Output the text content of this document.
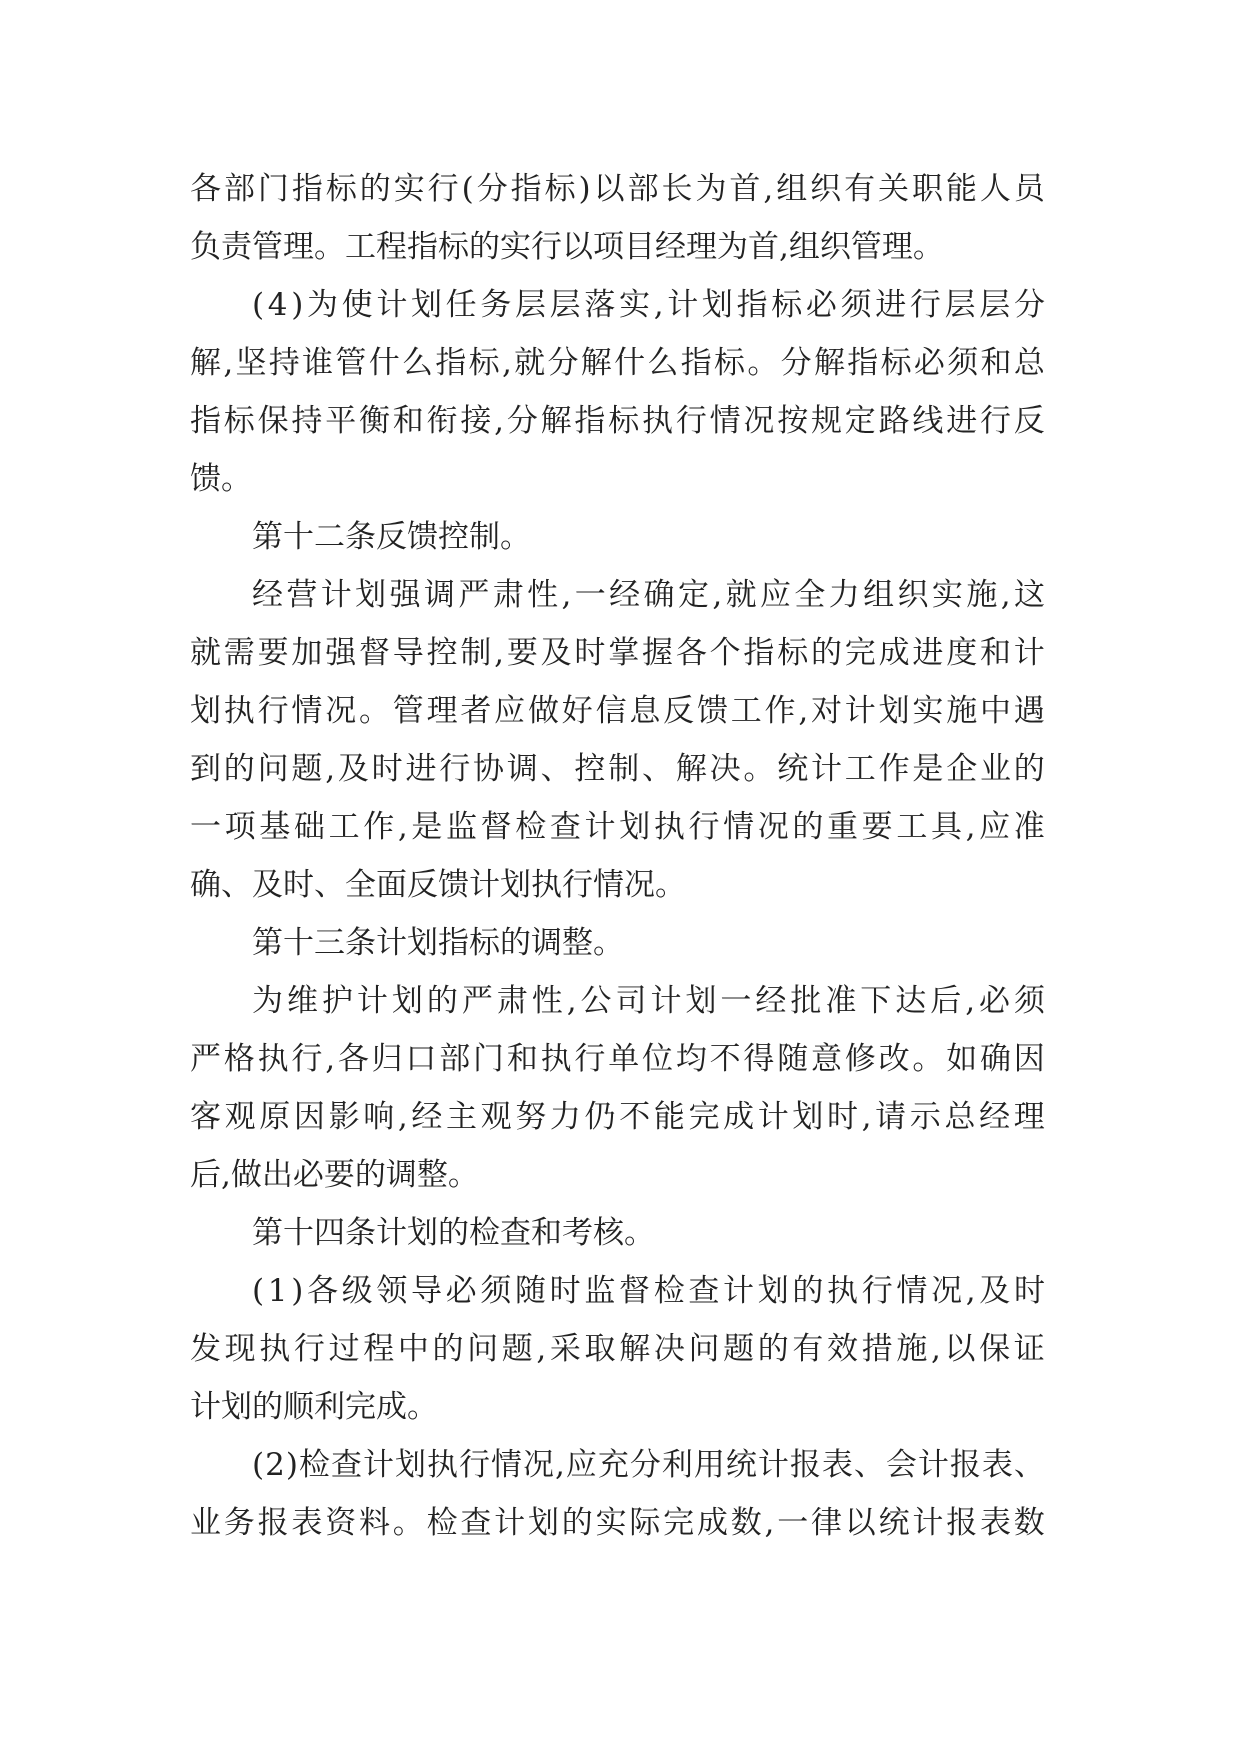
各 部 门 指 标 的 实 行 ( 分 指 标 ) 以 部 长 为 首 , 组 织 有 关 职 能 人 员
负责管理。工程指标的实行以项目经理为首,组织管理。
( 4 ) 为 使 计 划 任 务 层 层 落 实 , 计 划 指 标 必 须 进 行 层 层 分
解 , 坚 持 谁 管 什 么 指 标 , 就 分 解 什 么 指 标 。 分 解 指 标 必 须 和 总
指 标 保 持 平 衡 和 衔 接 , 分 解 指 标 执 行 情 况 按 规 定 路 线 进 行 反
馈。
第十二条反馈控制。
经 营 计 划 强 调 严 肃 性 , 一 经 确 定 , 就 应 全 力 组 织 实 施 , 这
就 需 要 加 强 督 导 控 制 , 要 及 时 掌 握 各 个 指 标 的 完 成 进 度 和 计
划 执 行 情 况 。 管 理 者 应 做 好 信 息 反 馈 工 作 , 对 计 划 实 施 中 遇
到 的 问 题 , 及 时 进 行 协 调 、 控 制 、 解 决 。 统 计 工 作 是 企 业 的
一 项 基 础 工 作 , 是 监 督 检 查 计 划 执 行 情 况 的 重 要 工 具 , 应 准
确、及时、全面反馈计划执行情况。
第十三条计划指标的调整。
为 维 护 计 划 的 严 肃 性 , 公 司 计 划 一 经 批 准 下 达 后 , 必 须
严 格 执 行 , 各 归 口 部 门 和 执 行 单 位 均 不 得 随 意 修 改 。 如 确 因
客 观 原 因 影 响 , 经 主 观 努 力 仍 不 能 完 成 计 划 时 , 请 示 总 经 理
后,做出必要的调整。
第十四条计划的检查和考核。
( 1 ) 各 级 领 导 必 须 随 时 监 督 检 查 计 划 的 执 行 情 况 , 及 时
发 现 执 行 过 程 中 的 问 题 , 采 取 解 决 问 题 的 有 效 措 施 , 以 保 证
计划的顺利完成。
( 2 ) 检 查 计 划 执 行 情 况 , 应 充 分 利 用 统 计 报 表 、 会 计 报 表 、
业 务 报 表 资 料 。 检 查 计 划 的 实 际 完 成 数 , 一 律 以 统 计 报 表 数
